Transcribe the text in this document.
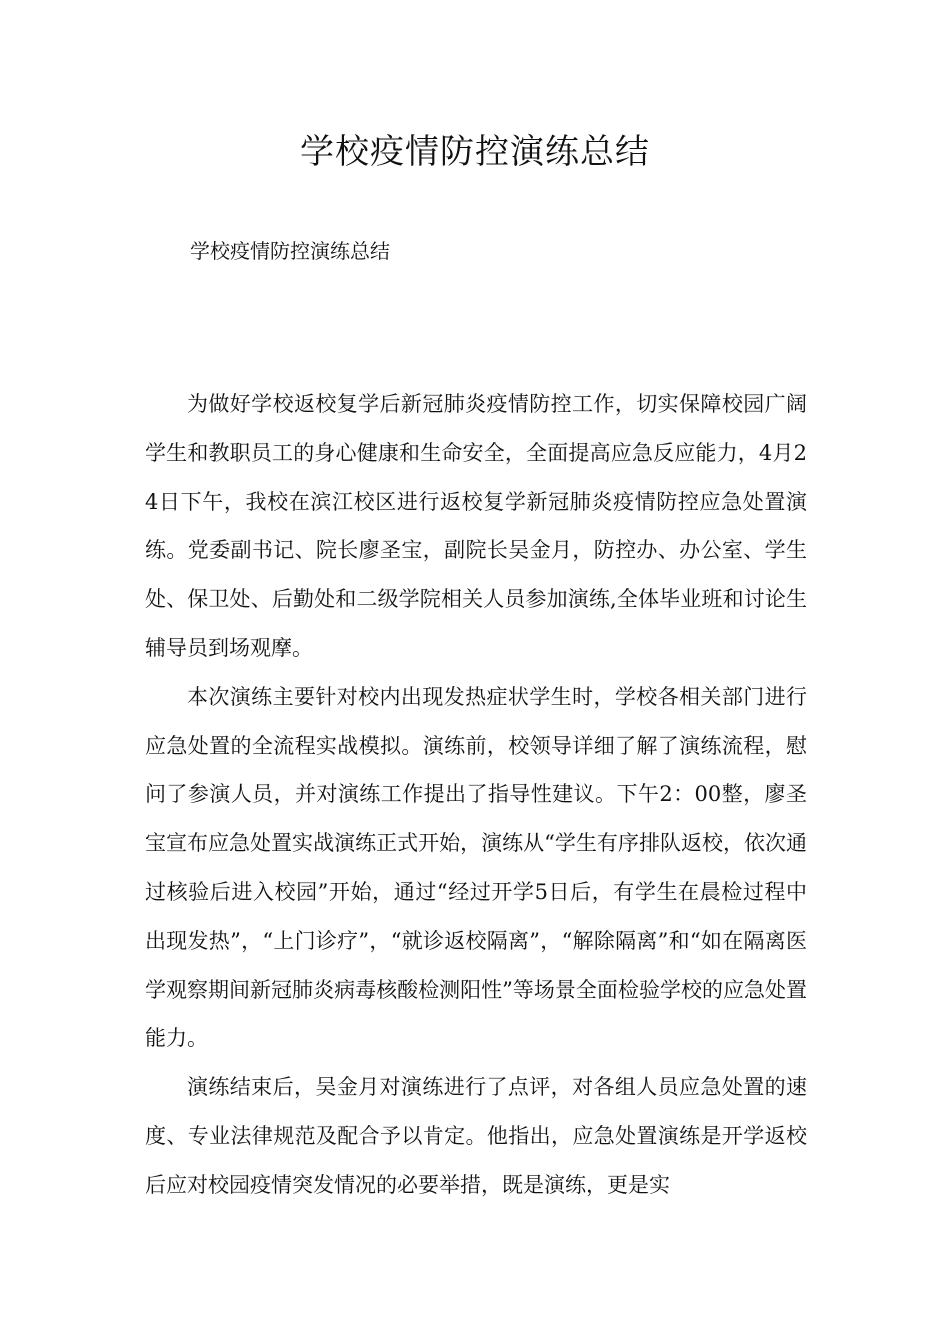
学校疫情防控演练总结

学校疫情防控演练总结

为做好学校返校复学后新冠肺炎疫情防控工作，切实保障校园广阔学生和教职员工的身心健康和生命安全，全面提高应急反应能力，4月24日下午，我校在滨江校区进行返校复学新冠肺炎疫情防控应急处置演练。党委副书记、院长廖圣宝，副院长吴金月，防控办、办公室、学生处、保卫处、后勤处和二级学院相关人员参加演练,全体毕业班和讨论生辅导员到场观摩。

本次演练主要针对校内出现发热症状学生时，学校各相关部门进行应急处置的全流程实战模拟。演练前，校领导详细了解了演练流程，慰问了参演人员，并对演练工作提出了指导性建议。下午2：00整，廖圣宝宣布应急处置实战演练正式开始，演练从“学生有序排队返校，依次通过核验后进入校园”开始，通过“经过开学5日后，有学生在晨检过程中出现发热”，“上门诊疗”，“就诊返校隔离”，“解除隔离”和“如在隔离医学观察期间新冠肺炎病毒核酸检测阳性”等场景全面检验学校的应急处置能力。

演练结束后，吴金月对演练进行了点评，对各组人员应急处置的速度、专业法律规范及配合予以肯定。他指出，应急处置演练是开学返校后应对校园疫情突发情况的必要举措，既是演练，更是实
